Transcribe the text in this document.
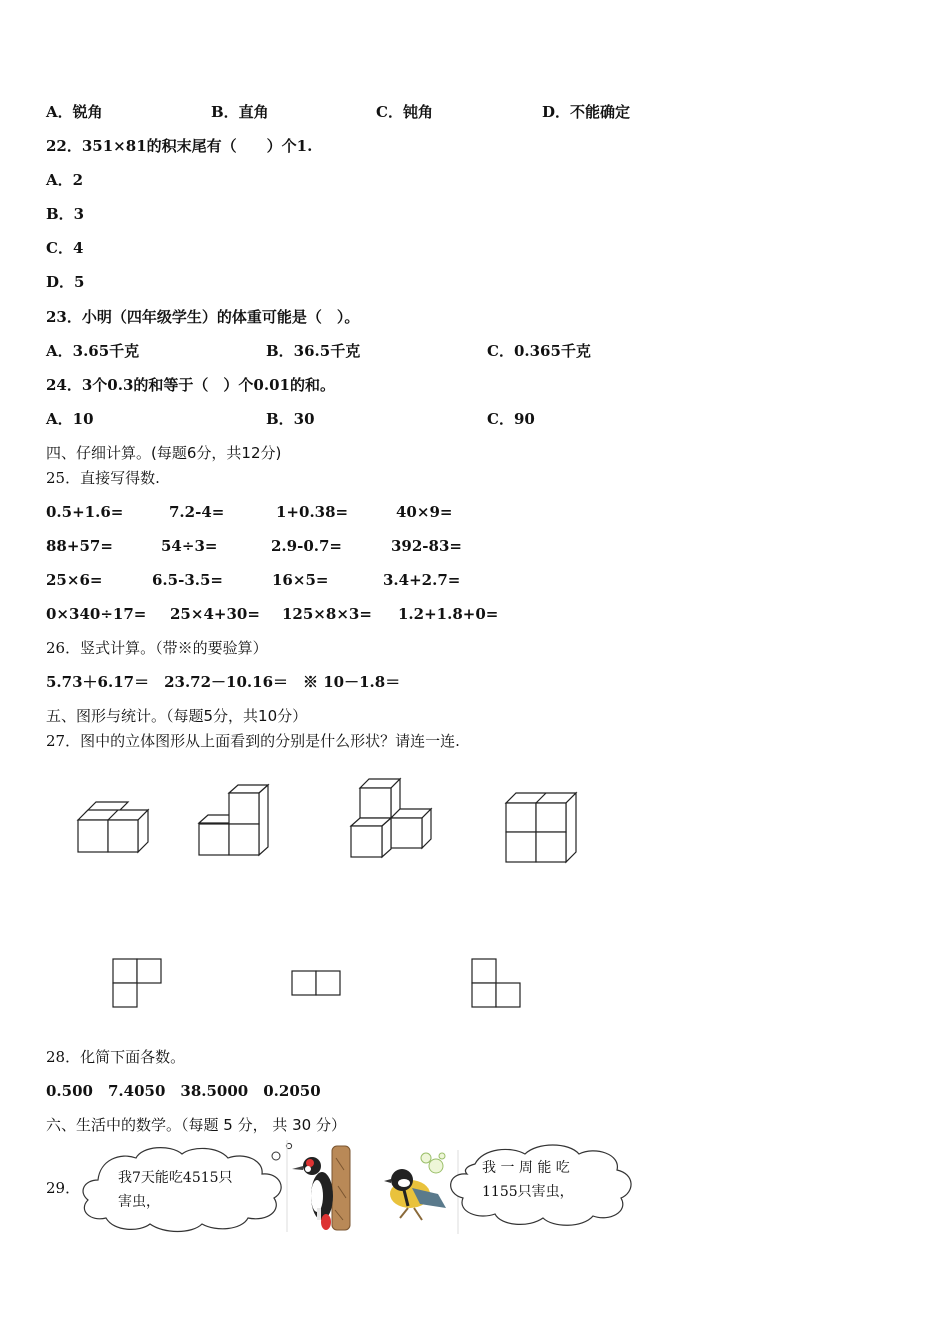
A．锐角	B．直角	C．钝角	D．不能确定
22．351×81的积末尾有（　　）个1.
A．2
B．3
C．4
D．5
23．小明（四年级学生）的体重可能是（　）。
A．3.65千克	B．36.5千克	C．0.365千克
24．3个0.3的和等于（　）个0.01的和。
A．10	B．30	C．90
四、仔细计算。(每题6分，共12分)
25．直接写得数.
0.5+1.6=	7.2-4=	1+0.38=	40×9=
88+57=	54÷3=	2.9-0.7=	392-83=
25×6=	6.5-3.5=	16×5=	3.4+2.7=
0×340÷17= 25×4+30= 125×8×3= 1.2+1.8+0=
26．竖式计算。（带※的要验算）
5.73＋6.17＝　23.72－10.16＝　※ 10－1.8＝
五、图形与统计。（每题5分，共10分）
27．图中的立体图形从上面看到的分别是什么形状？请连一连.
28．化简下面各数。
0.500　7.4050　38.5000　0.2050
六、生活中的数学。（每题 5 分， 共 30 分）
29．
我7天能吃4515只
害虫，
我 一 周 能 吃
1155只害虫，
